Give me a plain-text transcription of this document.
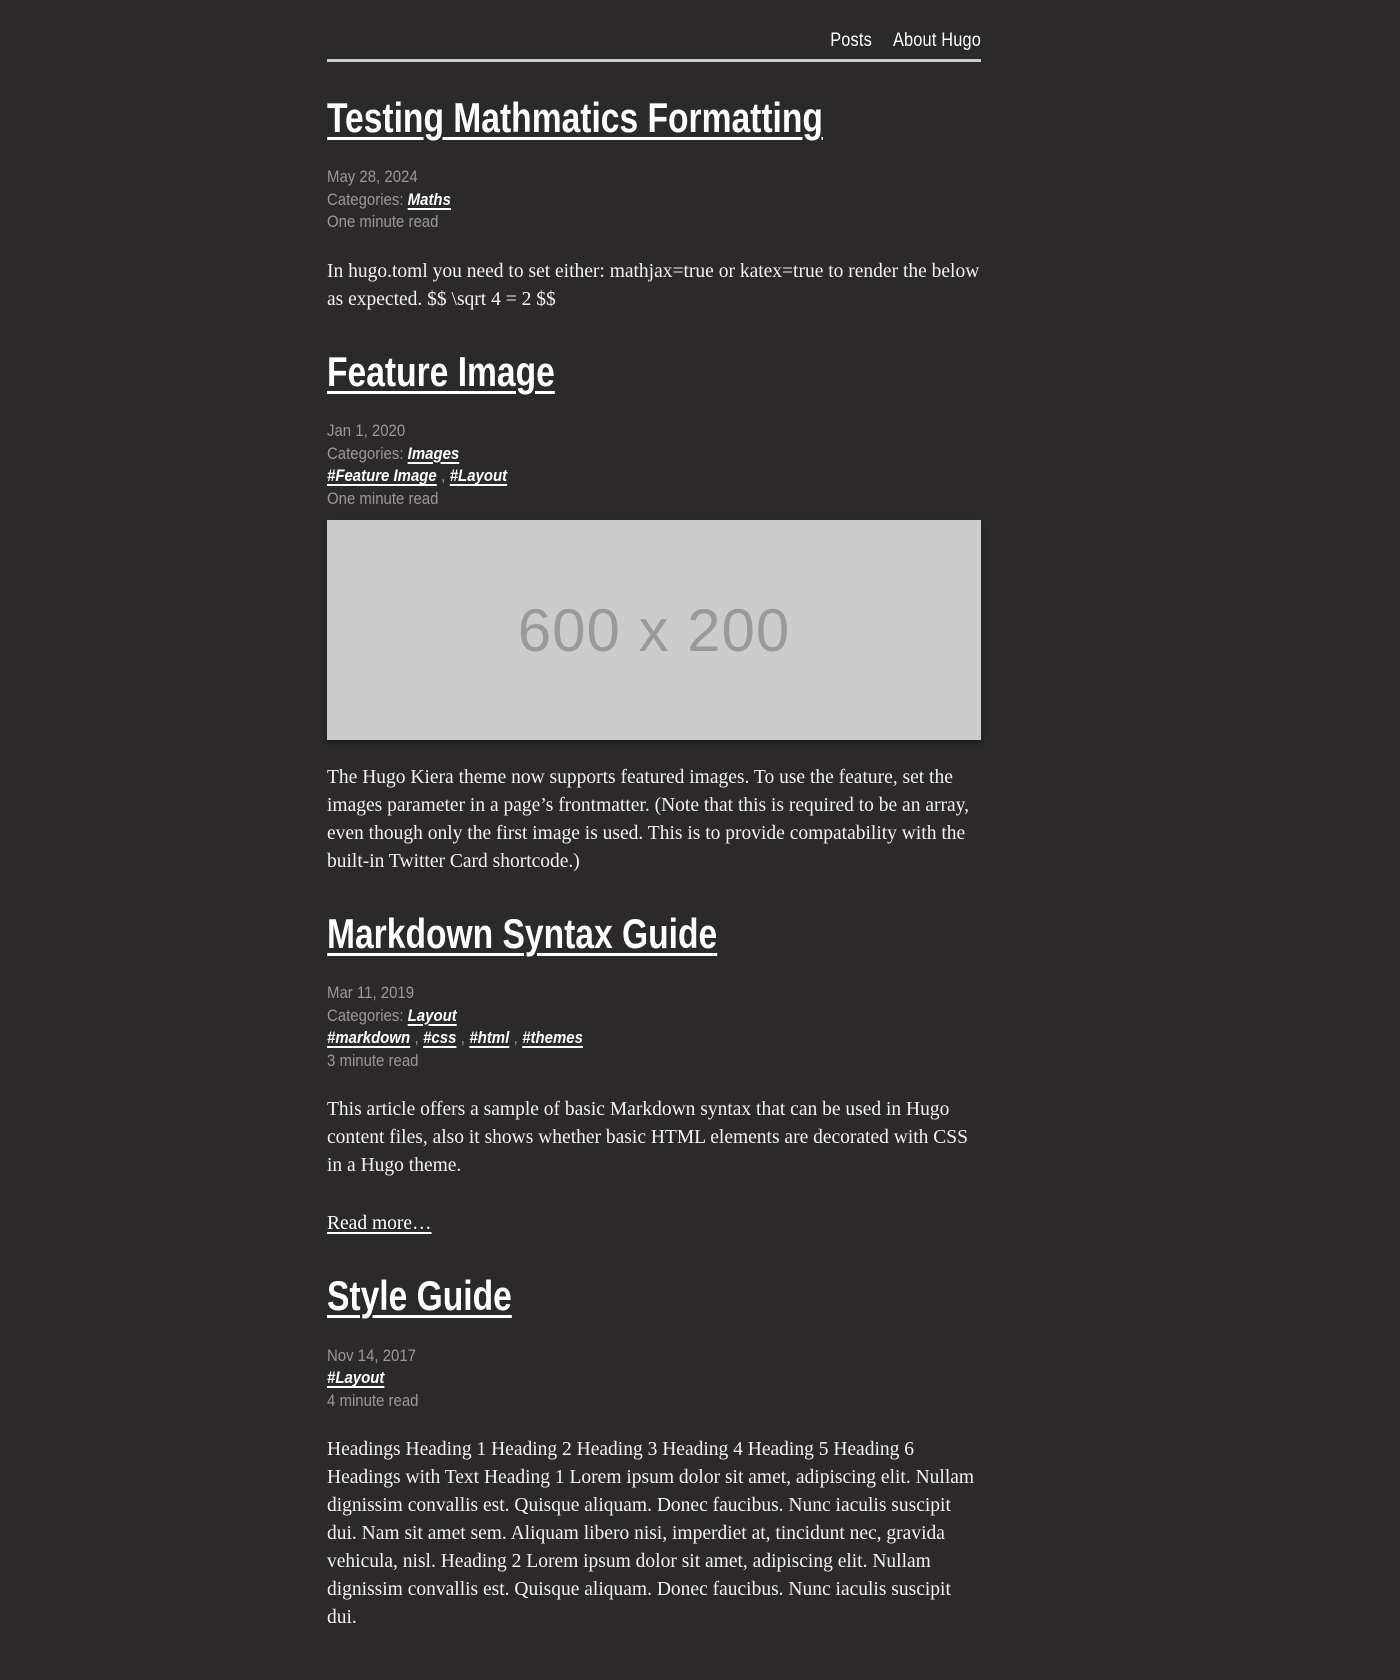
Posts About Hugo
Testing Mathmatics Formatting
May 28, 2024
Categories: Maths
One minute read

In hugo.toml you need to set either: mathjax=true or katex=true to render the below as expected. $$ \sqrt 4 = 2 $$

Feature Image
Jan 1, 2020
Categories: Images
#Feature Image , #Layout
One minute read
600 x 200

The Hugo Kiera theme now supports featured images. To use the feature, set the images parameter in a page’s frontmatter. (Note that this is required to be an array, even though only the first image is used. This is to provide compatability with the built-in Twitter Card shortcode.)

Markdown Syntax Guide
Mar 11, 2019
Categories: Layout
#markdown , #css , #html , #themes
3 minute read

This article offers a sample of basic Markdown syntax that can be used in Hugo content files, also it shows whether basic HTML elements are decorated with CSS in a Hugo theme.

Read more…

Style Guide
Nov 14, 2017
#Layout
4 minute read

Headings Heading 1 Heading 2 Heading 3 Heading 4 Heading 5 Heading 6 Headings with Text Heading 1 Lorem ipsum dolor sit amet, adipiscing elit. Nullam dignissim convallis est. Quisque aliquam. Donec faucibus. Nunc iaculis suscipit dui. Nam sit amet sem. Aliquam libero nisi, imperdiet at, tincidunt nec, gravida vehicula, nisl. Heading 2 Lorem ipsum dolor sit amet, adipiscing elit. Nullam dignissim convallis est. Quisque aliquam. Donec faucibus. Nunc iaculis suscipit dui.
